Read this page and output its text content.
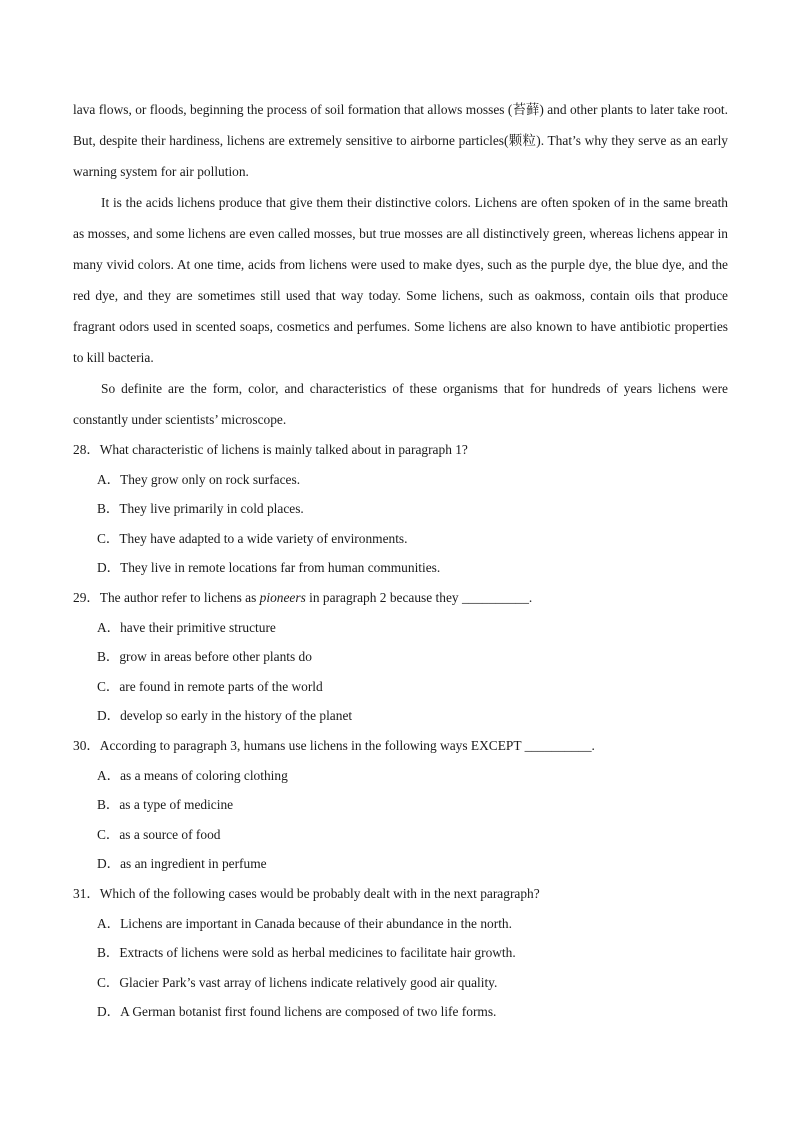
lava flows, or floods, beginning the process of soil formation that allows mosses (苔藓) and other plants to later take root. But, despite their hardiness, lichens are extremely sensitive to airborne particles(颗粒). That’s why they serve as an early warning system for air pollution.

It is the acids lichens produce that give them their distinctive colors. Lichens are often spoken of in the same breath as mosses, and some lichens are even called mosses, but true mosses are all distinctively green, whereas lichens appear in many vivid colors. At one time, acids from lichens were used to make dyes, such as the purple dye, the blue dye, and the red dye, and they are sometimes still used that way today. Some lichens, such as oakmoss, contain oils that produce fragrant odors used in scented soaps, cosmetics and perfumes. Some lichens are also known to have antibiotic properties to kill bacteria.

So definite are the form, color, and characteristics of these organisms that for hundreds of years lichens were constantly under scientists’ microscope.

28．What characteristic of lichens is mainly talked about in paragraph 1?

A．They grow only on rock surfaces.
B．They live primarily in cold places.
C．They have adapted to a wide variety of environments.
D．They live in remote locations far from human communities.

29．The author refer to lichens as pioneers in paragraph 2 because they __________.

A．have their primitive structure
B．grow in areas before other plants do
C．are found in remote parts of the world
D．develop so early in the history of the planet

30．According to paragraph 3, humans use lichens in the following ways EXCEPT __________.

A．as a means of coloring clothing
B．as a type of medicine
C．as a source of food
D．as an ingredient in perfume

31．Which of the following cases would be probably dealt with in the next paragraph?

A．Lichens are important in Canada because of their abundance in the north.
B．Extracts of lichens were sold as herbal medicines to facilitate hair growth.
C．Glacier Park’s vast array of lichens indicate relatively good air quality.
D．A German botanist first found lichens are composed of two life forms.
